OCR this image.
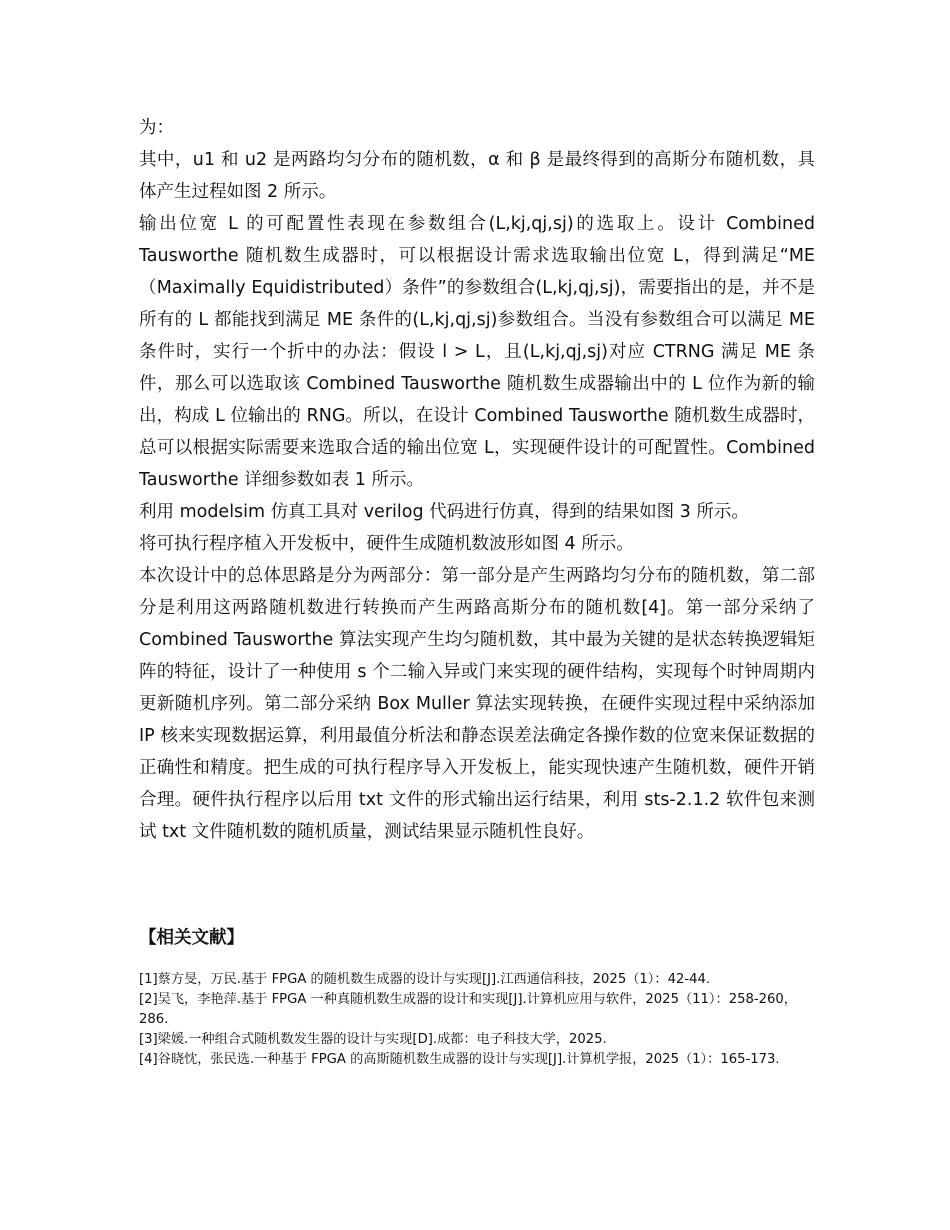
为：

其中，u1 和 u2 是两路均匀分布的随机数，α 和 β 是最终得到的高斯分布随机数，具体产生过程如图 2 所示。

输出位宽 L 的可配置性表现在参数组合(L,kj,qj,sj)的选取上。设计 Combined Tausworthe 随机数生成器时，可以根据设计需求选取输出位宽 L，得到满足“ME（Maximally Equidistributed）条件”的参数组合(L,kj,qj,sj)，需要指出的是，并不是所有的 L 都能找到满足 ME 条件的(L,kj,qj,sj)参数组合。当没有参数组合可以满足 ME 条件时，实行一个折中的办法：假设 l > L，且(L,kj,qj,sj)对应 CTRNG 满足 ME 条件，那么可以选取该 Combined Tausworthe 随机数生成器输出中的 L 位作为新的输出，构成 L 位输出的 RNG。所以，在设计 Combined Tausworthe 随机数生成器时，总可以根据实际需要来选取合适的输出位宽 L，实现硬件设计的可配置性。Combined Tausworthe 详细参数如表 1 所示。

利用 modelsim 仿真工具对 verilog 代码进行仿真，得到的结果如图 3 所示。

将可执行程序植入开发板中，硬件生成随机数波形如图 4 所示。

本次设计中的总体思路是分为两部分：第一部分是产生两路均匀分布的随机数，第二部分是利用这两路随机数进行转换而产生两路高斯分布的随机数[4]。第一部分采纳了 Combined Tausworthe 算法实现产生均匀随机数，其中最为关键的是状态转换逻辑矩阵的特征，设计了一种使用 s 个二输入异或门来实现的硬件结构，实现每个时钟周期内更新随机序列。第二部分采纳 Box Muller 算法实现转换，在硬件实现过程中采纳添加 IP 核来实现数据运算，利用最值分析法和静态误差法确定各操作数的位宽来保证数据的正确性和精度。把生成的可执行程序导入开发板上，能实现快速产生随机数，硬件开销合理。硬件执行程序以后用 txt 文件的形式输出运行结果，利用 sts-2.1.2 软件包来测试 txt 文件随机数的随机质量，测试结果显示随机性良好。

【相关文献】

[1]蔡方旻，万民.基于 FPGA 的随机数生成器的设计与实现[J].江西通信科技，2025（1）：42-44.

[2]吴飞，李艳萍.基于 FPGA 一种真随机数生成器的设计和实现[J].计算机应用与软件，2025（11）：258-260，286.

[3]梁媛.一种组合式随机数发生器的设计与实现[D].成都：电子科技大学，2025.

[4]谷晓忱，张民选.一种基于 FPGA 的高斯随机数生成器的设计与实现[J].计算机学报，2025（1）：165-173.
